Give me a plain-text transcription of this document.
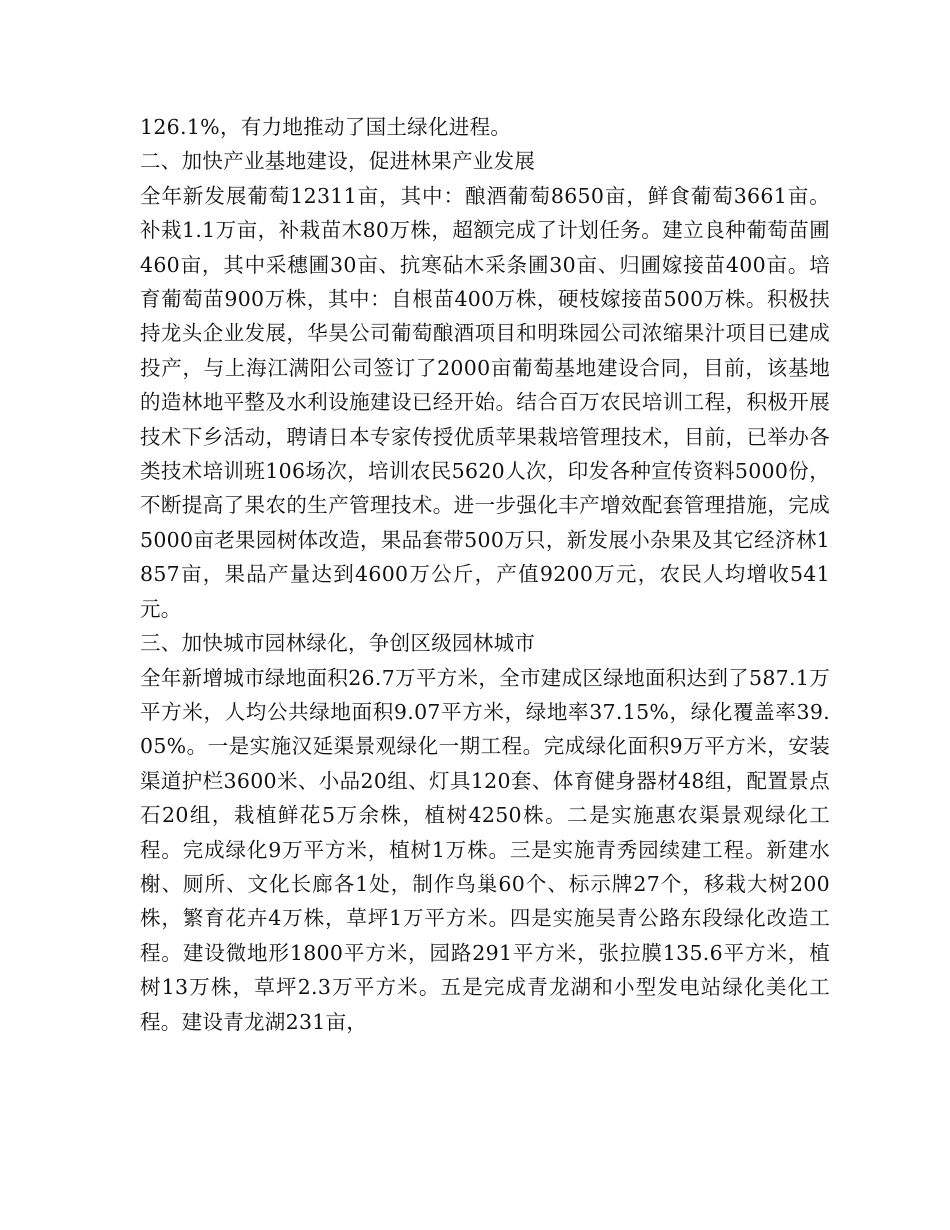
126.1%，有力地推动了国土绿化进程。

二、加快产业基地建设，促进林果产业发展

全年新发展葡萄12311亩，其中：酿酒葡萄8650亩，鲜食葡萄3661亩。补栽1.1万亩，补栽苗木80万株，超额完成了计划任务。建立良种葡萄苗圃460亩，其中采穗圃30亩、抗寒砧木采条圃30亩、归圃嫁接苗400亩。培育葡萄苗900万株，其中：自根苗400万株，硬枝嫁接苗500万株。积极扶持龙头企业发展，华昊公司葡萄酿酒项目和明珠园公司浓缩果汁项目已建成投产，与上海江满阳公司签订了2000亩葡萄基地建设合同，目前，该基地的造林地平整及水利设施建设已经开始。结合百万农民培训工程，积极开展技术下乡活动，聘请日本专家传授优质苹果栽培管理技术，目前，已举办各类技术培训班106场次，培训农民5620人次，印发各种宣传资料5000份，不断提高了果农的生产管理技术。进一步强化丰产增效配套管理措施，完成5000亩老果园树体改造，果品套带500万只，新发展小杂果及其它经济林1857亩，果品产量达到4600万公斤，产值9200万元，农民人均增收541元。

三、加快城市园林绿化，争创区级园林城市

全年新增城市绿地面积26.7万平方米，全市建成区绿地面积达到了587.1万平方米，人均公共绿地面积9.07平方米，绿地率37.15%，绿化覆盖率39.05%。一是实施汉延渠景观绿化一期工程。完成绿化面积9万平方米，安装渠道护栏3600米、小品20组、灯具120套、体育健身器材48组，配置景点石20组，栽植鲜花5万余株，植树4250株。二是实施惠农渠景观绿化工程。完成绿化9万平方米，植树1万株。三是实施青秀园续建工程。新建水榭、厕所、文化长廊各1处，制作鸟巢60个、标示牌27个，移栽大树200株，繁育花卉4万株，草坪1万平方米。四是实施吴青公路东段绿化改造工程。建设微地形1800平方米，园路291平方米，张拉膜135.6平方米，植树13万株，草坪2.3万平方米。五是完成青龙湖和小型发电站绿化美化工程。建设青龙湖231亩，
